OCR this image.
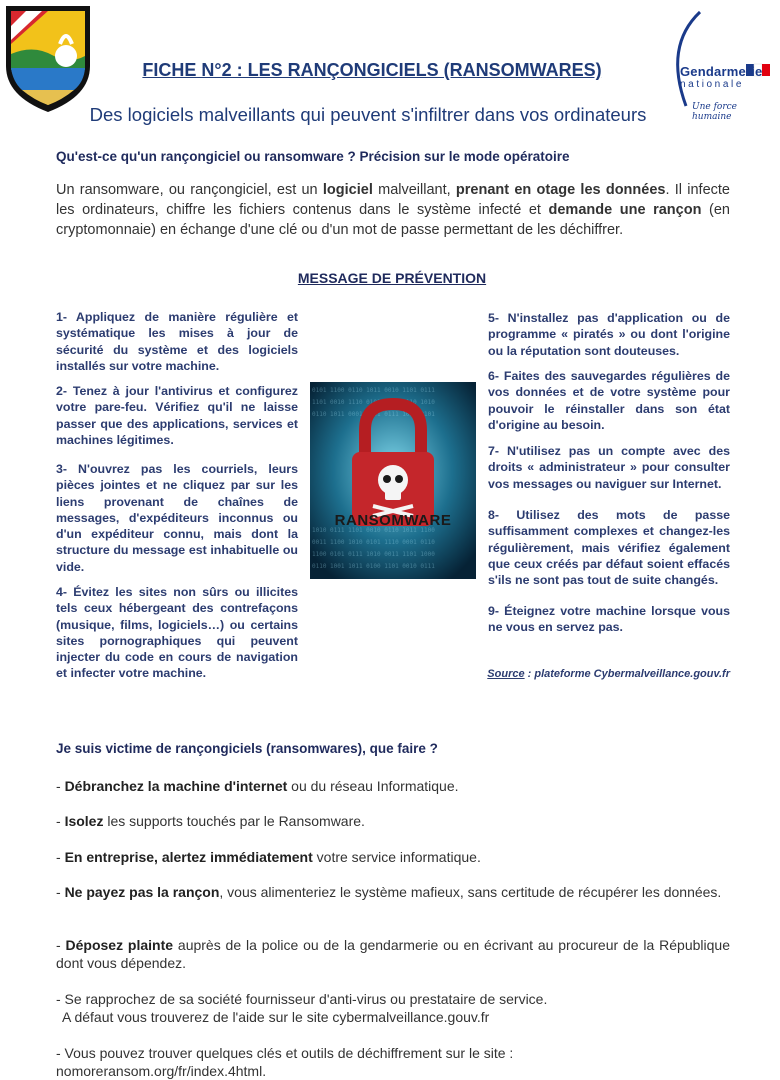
Gendarmerie
nationale
Une force humaine
FICHE N°2 : LES RANÇONGICIELS (RANSOMWARES)
Des logiciels malveillants qui peuvent s'infiltrer dans vos ordinateurs
Qu'est-ce qu'un rançongiciel ou ransomware ? Précision sur le mode opératoire
Un ransomware, ou rançongiciel, est un logiciel malveillant, prenant en otage les données. Il infecte les ordinateurs, chiffre les fichiers contenus dans le système infecté et demande une rançon (en cryptomonnaie) en échange d'une clé ou d'un mot de passe permettant de les déchiffrer.
MESSAGE DE PRÉVENTION
1- Appliquez de manière régulière et systématique les mises à jour de sécurité du système et des logiciels installés sur votre machine.
2- Tenez à jour l'antivirus et configurez votre pare-feu. Vérifiez qu'il ne laisse passer que des applications, services et machines légitimes.
3- N'ouvrez pas les courriels, leurs pièces jointes et ne cliquez par sur les liens provenant de chaînes de messages, d'expéditeurs inconnus ou d'un expéditeur connu, mais dont la structure du message est inhabituelle ou vide.
4- Évitez les sites non sûrs ou illicites tels ceux hébergeant des contrefaçons (musique, films, logiciels…) ou certains sites pornographiques qui peuvent injecter du code en cours de navigation et infecter votre machine.
5- N'installez pas d'application ou de programme « piratés » ou dont l'origine ou la réputation sont douteuses.
6- Faites des sauvegardes régulières de vos données et de votre système pour pouvoir le réinstaller dans son état d'origine au besoin.
7- N'utilisez pas un compte avec des droits « administrateur » pour consulter vos messages ou naviguer sur Internet.
8- Utilisez des mots de passe suffisamment complexes et changez-les régulièrement, mais vérifiez également que ceux créés par défaut soient effacés s'ils ne sont pas tout de suite changés.
9- Éteignez votre machine lorsque vous ne vous en servez pas.
0101 1100 0110 1011 0010 1101 0111
1101 0010 1110 0101 1001 0110 1010
0110 1011 0001 1101 0111 1000 0101
1010 0111 1101 0010 0110 1011 1100
0011 1100 1010 0101 1110 0001 0110
1100 0101 0111 1010 0011 1101 1000
0110 1001 1011 0100 1101 0010 0111
RANSOMWARE
Source : plateforme Cybermalveillance.gouv.fr
Je suis victime de rançongiciels (ransomwares), que faire ?
- Débranchez la machine d'internet ou du réseau Informatique.
- Isolez les supports touchés par le Ransomware.
- En entreprise, alertez immédiatement votre service informatique.
- Ne payez pas la rançon, vous alimenteriez le système mafieux, sans certitude de récupérer les données.
- Déposez plainte auprès de la police ou de la gendarmerie ou en écrivant au procureur de la République dont vous dépendez.
- Se rapprochez de sa société fournisseur d'anti-virus ou prestataire de service.
A défaut vous trouverez de l'aide sur le site cybermalveillance.gouv.fr
- Vous pouvez trouver quelques clés et outils de déchiffrement sur le site :
nomoreransom.org/fr/index.4html.
